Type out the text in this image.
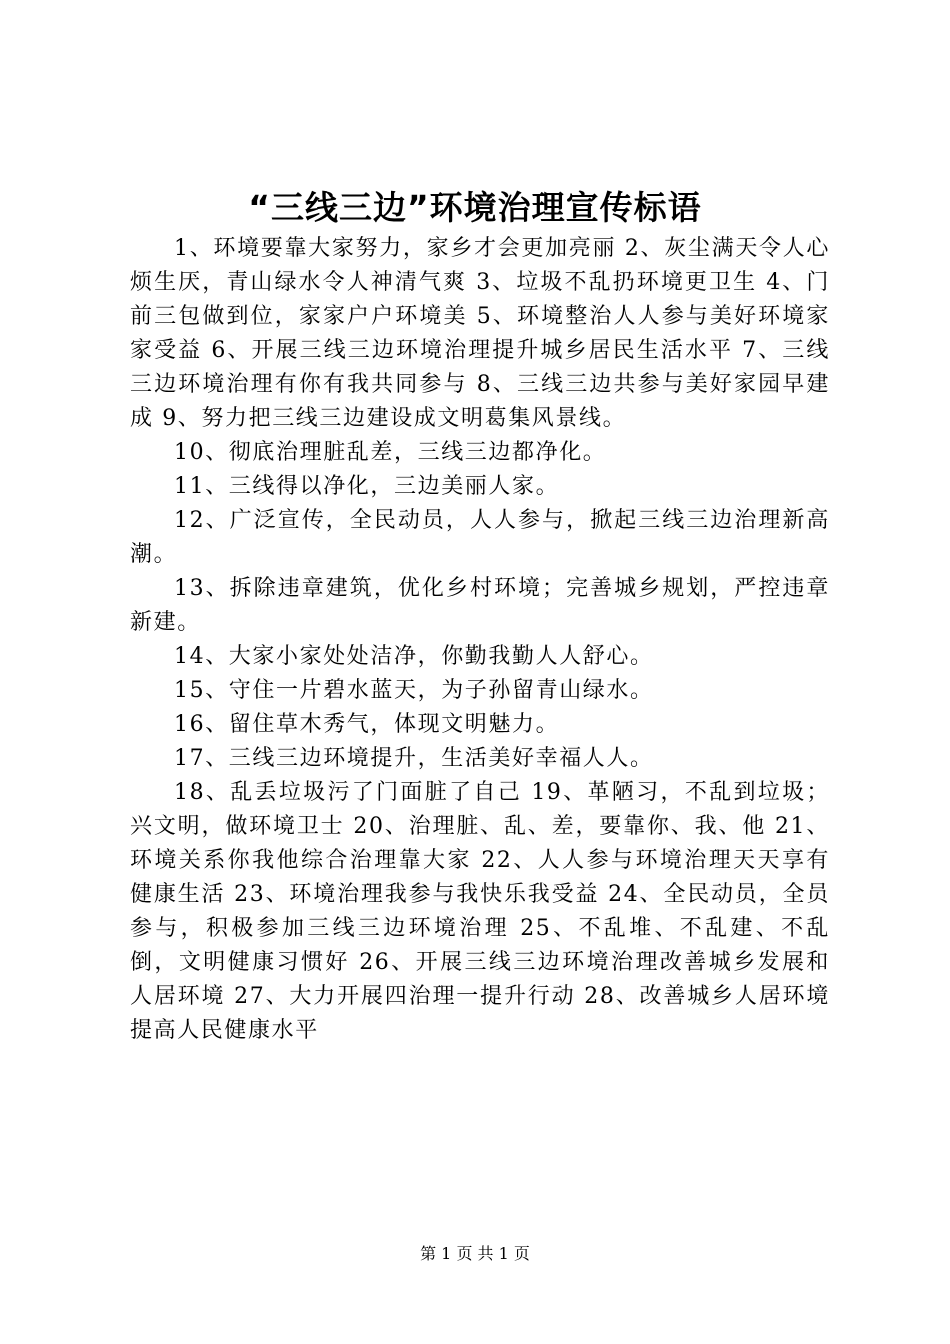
“三线三边”环境治理宣传标语

1、环境要靠大家努力，家乡才会更加亮丽 2、灰尘满天令人心烦生厌，青山绿水令人神清气爽 3、垃圾不乱扔环境更卫生 4、门前三包做到位，家家户户环境美 5、环境整治人人参与美好环境家家受益 6、开展三线三边环境治理提升城乡居民生活水平 7、三线三边环境治理有你有我共同参与 8、三线三边共参与美好家园早建成 9、努力把三线三边建设成文明葛集风景线。

10、彻底治理脏乱差，三线三边都净化。

11、三线得以净化，三边美丽人家。

12、广泛宣传，全民动员，人人参与，掀起三线三边治理新高潮。

13、拆除违章建筑，优化乡村环境；完善城乡规划，严控违章新建。

14、大家小家处处洁净，你勤我勤人人舒心。

15、守住一片碧水蓝天，为子孙留青山绿水。

16、留住草木秀气，体现文明魅力。

17、三线三边环境提升，生活美好幸福人人。

18、乱丢垃圾污了门面脏了自己 19、革陋习，不乱到垃圾；兴文明，做环境卫士 20、治理脏、乱、差，要靠你、我、他 21、环境关系你我他综合治理靠大家 22、人人参与环境治理天天享有健康生活 23、环境治理我参与我快乐我受益 24、全民动员，全员参与，积极参加三线三边环境治理 25、不乱堆、不乱建、不乱倒，文明健康习惯好 26、开展三线三边环境治理改善城乡发展和人居环境 27、大力开展四治理一提升行动 28、改善城乡人居环境提高人民健康水平

第 1 页 共 1 页
